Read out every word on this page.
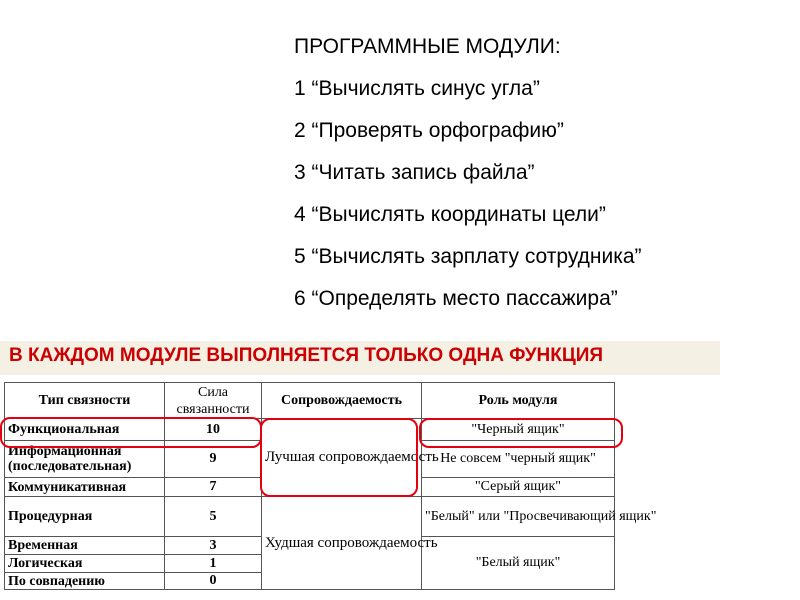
ПРОГРАММНЫЕ МОДУЛИ:
1 “Вычислять синус угла”
2 “Проверять орфографию”
3 “Читать запись файла”
4 “Вычислять координаты цели”
5 “Вычислять зарплату сотрудника”
6 “Определять место пассажира”
В КАЖДОМ МОДУЛЕ ВЫПОЛНЯЕТСЯ ТОЛЬКО ОДНА ФУНКЦИЯ
Тип связности	Сила связанности	Сопровождаемость	Роль модуля
Функциональная	10	Лучшая сопровождаемость	"Черный ящик"
Информационная (последовательная)	9		Не совсем "черный ящик"
Коммуникативная	7		"Серый ящик"
Процедурная	5	Худшая сопровождаемость	"Белый" или "Просвечивающий ящик"
Временная	3		"Белый ящик"
Логическая	1		
По совпадению	0		
